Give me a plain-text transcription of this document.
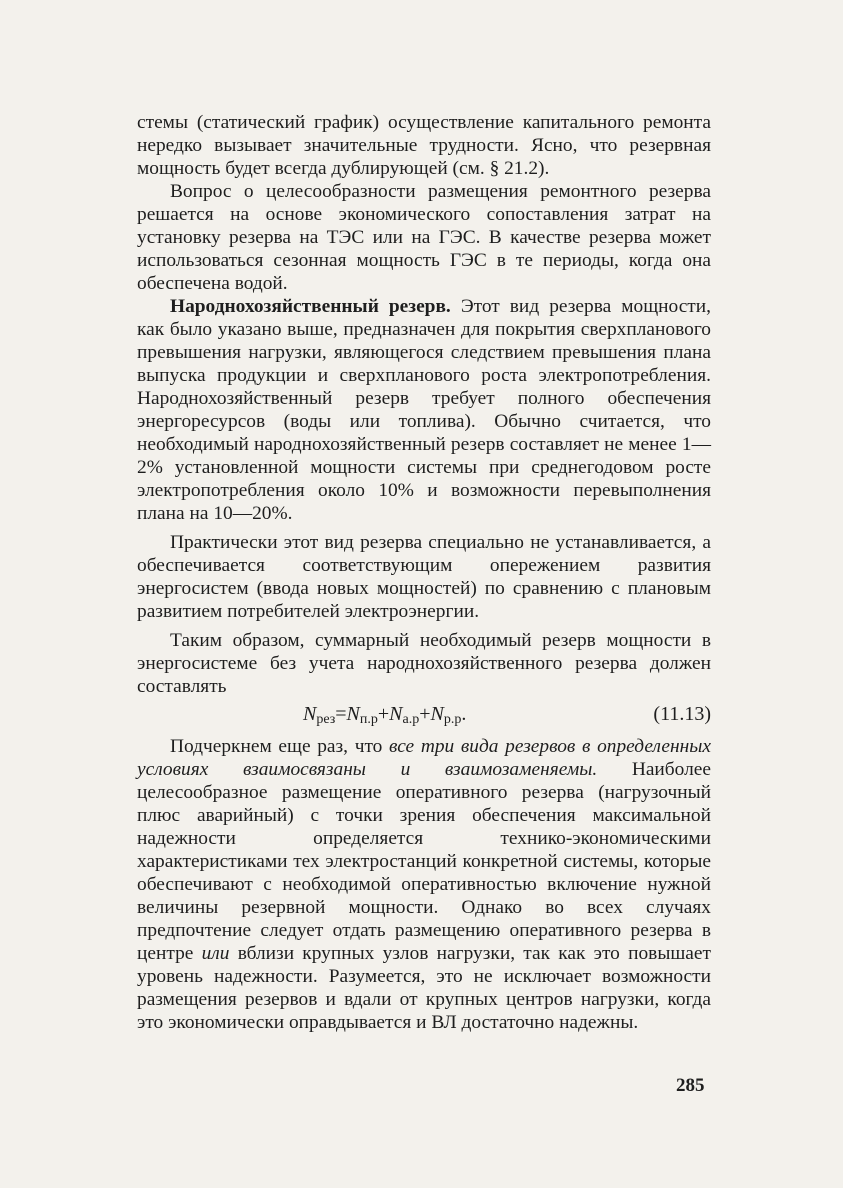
стемы (статический график) осуществление капитального ремонта нередко вызывает значительные трудности. Ясно, что резервная мощность будет всегда дублирующей (см. § 21.2).

Вопрос о целесообразности размещения ремонтного резерва решается на основе экономического сопоставления затрат на установку резерва на ТЭС или на ГЭС. В качестве резерва может использоваться сезонная мощность ГЭС в те периоды, когда она обеспечена водой.

Народнохозяйственный резерв. Этот вид резерва мощности, как было указано выше, предназначен для покрытия сверхпланового превышения нагрузки, являющегося следствием превышения плана выпуска продукции и сверхпланового роста электропотребления. Народнохозяйственный резерв требует полного обеспечения энергоресурсов (воды или топлива). Обычно считается, что необходимый народнохозяйственный резерв составляет не менее 1—2% установленной мощности системы при среднегодовом росте электропотребления около 10% и возможности перевыполнения плана на 10—20%.

Практически этот вид резерва специально не устанавливается, а обеспечивается соответствующим опережением развития энергосистем (ввода новых мощностей) по сравнению с плановым развитием потребителей электроэнергии.

Таким образом, суммарный необходимый резерв мощности в энергосистеме без учета народнохозяйственного резерва должен составлять

$N_{рез}=N_{п.р}+N_{а.р}+N_{р.р}$.	(11.13)

Подчеркнем еще раз, что все три вида резервов в определенных условиях взаимосвязаны и взаимозаменяемы. Наиболее целесообразное размещение оперативного резерва (нагрузочный плюс аварийный) с точки зрения обеспечения максимальной надежности определяется технико-экономическими характеристиками тех электростанций конкретной системы, которые обеспечивают с необходимой оперативностью включение нужной величины резервной мощности. Однако во всех случаях предпочтение следует отдать размещению оперативного резерва в центре или вблизи крупных узлов нагрузки, так как это повышает уровень надежности. Разумеется, это не исключает возможности размещения резервов и вдали от крупных центров нагрузки, когда это экономически оправдывается и ВЛ достаточно надежны.

285
